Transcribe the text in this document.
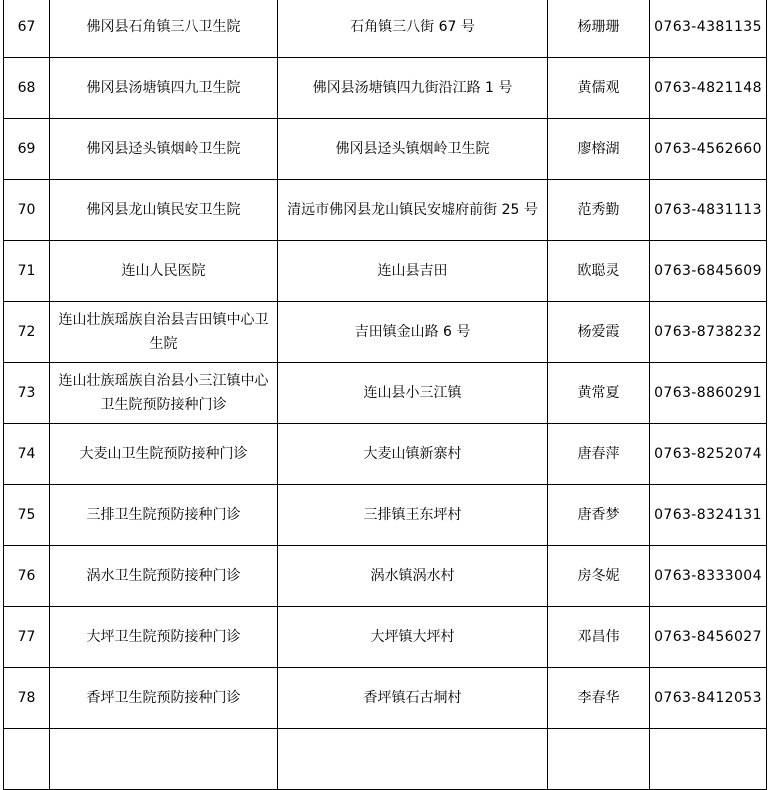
67	佛冈县石角镇三八卫生院	石角镇三八街 67 号	杨珊珊	0763-4381135
68	佛冈县汤塘镇四九卫生院	佛冈县汤塘镇四九街沿江路 1 号	黄儒观	0763-4821148
69	佛冈县迳头镇烟岭卫生院	佛冈县迳头镇烟岭卫生院	廖榕湖	0763-4562660
70	佛冈县龙山镇民安卫生院	清远市佛冈县龙山镇民安墟府前街 25 号	范秀勤	0763-4831113
71	连山人民医院	连山县吉田	欧聪灵	0763-6845609
72	连山壮族瑶族自治县吉田镇中心卫生院	吉田镇金山路 6 号	杨爱霞	0763-8738232
73	连山壮族瑶族自治县小三江镇中心卫生院预防接种门诊	连山县小三江镇	黄常夏	0763-8860291
74	大麦山卫生院预防接种门诊	大麦山镇新寨村	唐春萍	0763-8252074
75	三排卫生院预防接种门诊	三排镇王东坪村	唐香梦	0763-8324131
76	涡水卫生院预防接种门诊	涡水镇涡水村	房冬妮	0763-8333004
77	大坪卫生院预防接种门诊	大坪镇大坪村	邓昌伟	0763-8456027
78	香坪卫生院预防接种门诊	香坪镇石古垌村	李春华	0763-8412053
